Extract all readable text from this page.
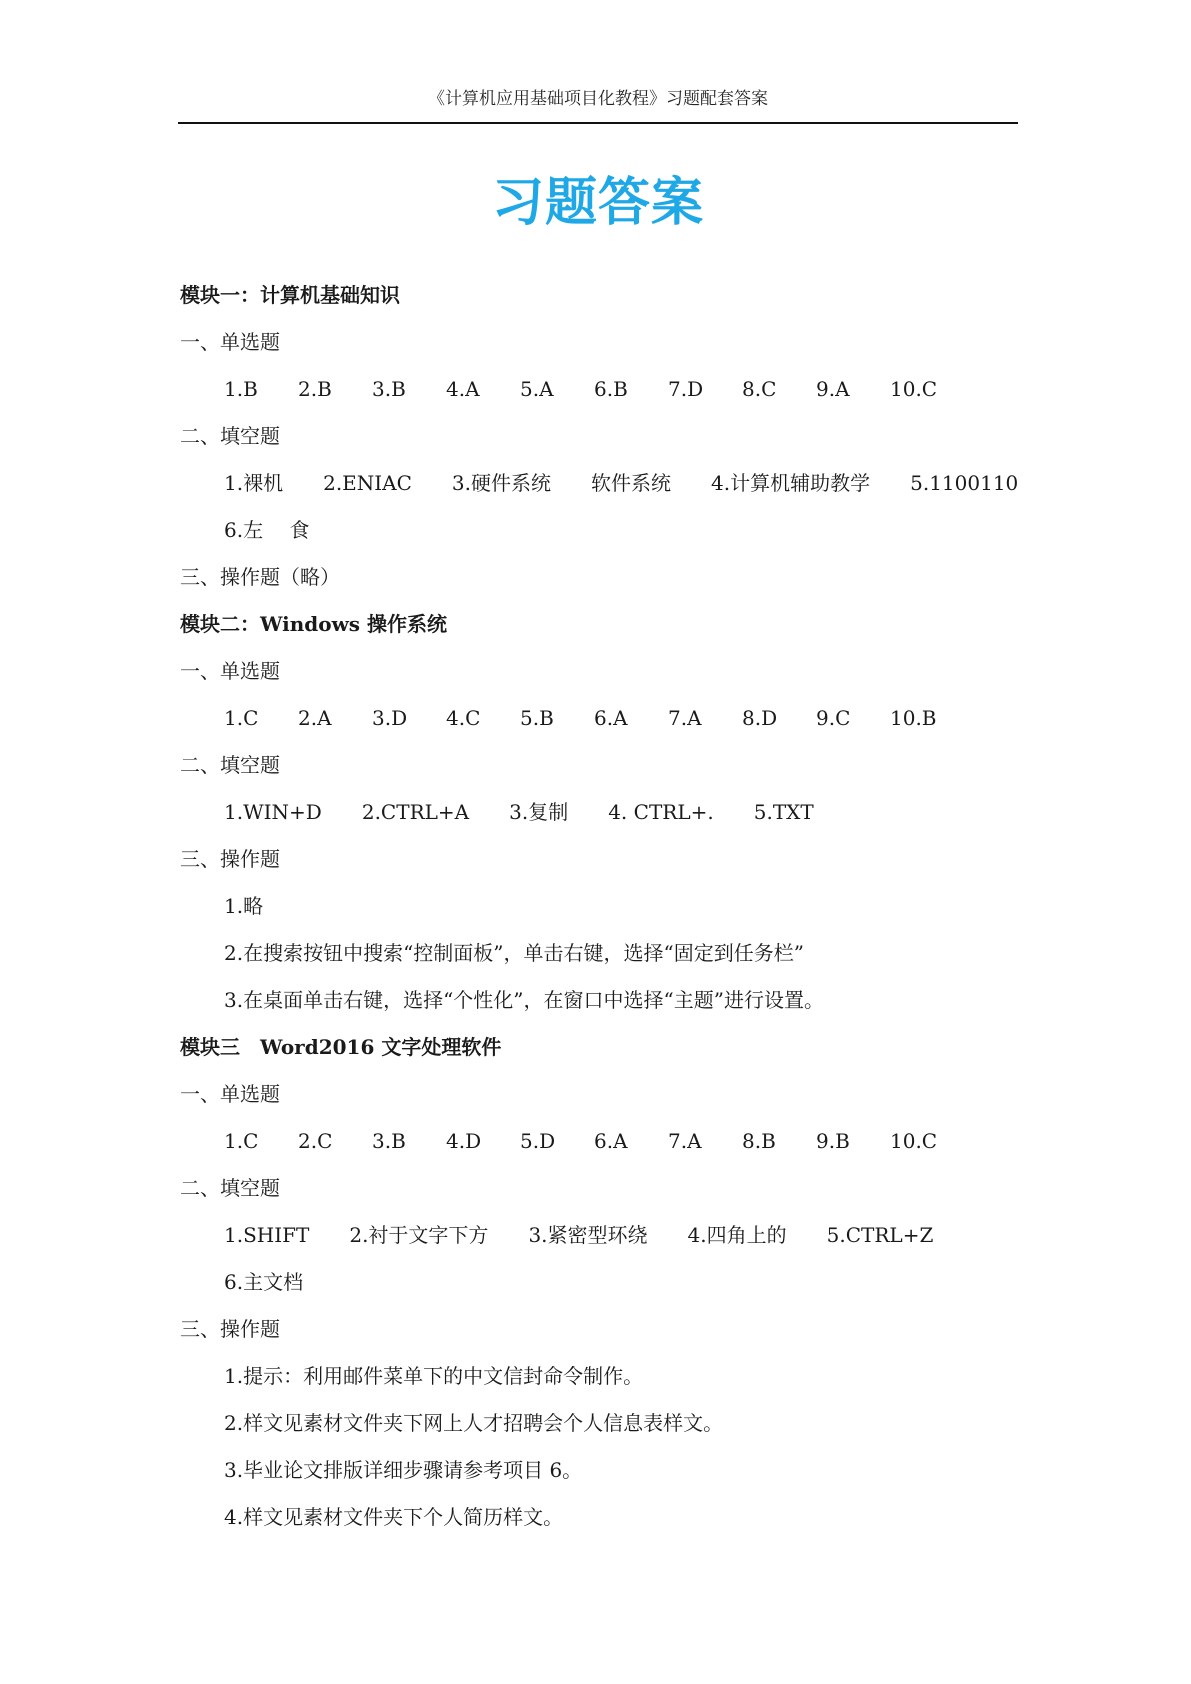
《计算机应用基础项目化教程》习题配套答案
习题答案
模块一：计算机基础知识
一、单选题
1.B	2.B	3.B	4.A	5.A	6.B	7.D	8.C	9.A	10.C
二、填空题
1.裸机 2.ENIAC 3.硬件系统 软件系统 4.计算机辅助教学 5.1100110
6.左　 食
三、操作题（略）
模块二：Windows 操作系统
一、单选题
1.C	2.A	3.D	4.C	5.B	6.A	7.A	8.D	9.C	10.B
二、填空题
1.WIN+D 2.CTRL+A 3.复制 4. CTRL+. 5.TXT
三、操作题
1.略
2.在搜索按钮中搜索“控制面板”，单击右键，选择“固定到任务栏”
3.在桌面单击右键，选择“个性化”，在窗口中选择“主题”进行设置。
模块三　Word2016 文字处理软件
一、单选题
1.C	2.C	3.B	4.D	5.D	6.A	7.A	8.B	9.B	10.C
二、填空题
1.SHIFT 2.衬于文字下方 3.紧密型环绕 4.四角上的 5.CTRL+Z
6.主文档
三、操作题
1.提示：利用邮件菜单下的中文信封命令制作。
2.样文见素材文件夹下网上人才招聘会个人信息表样文。
3.毕业论文排版详细步骤请参考项目 6。
4.样文见素材文件夹下个人简历样文。
